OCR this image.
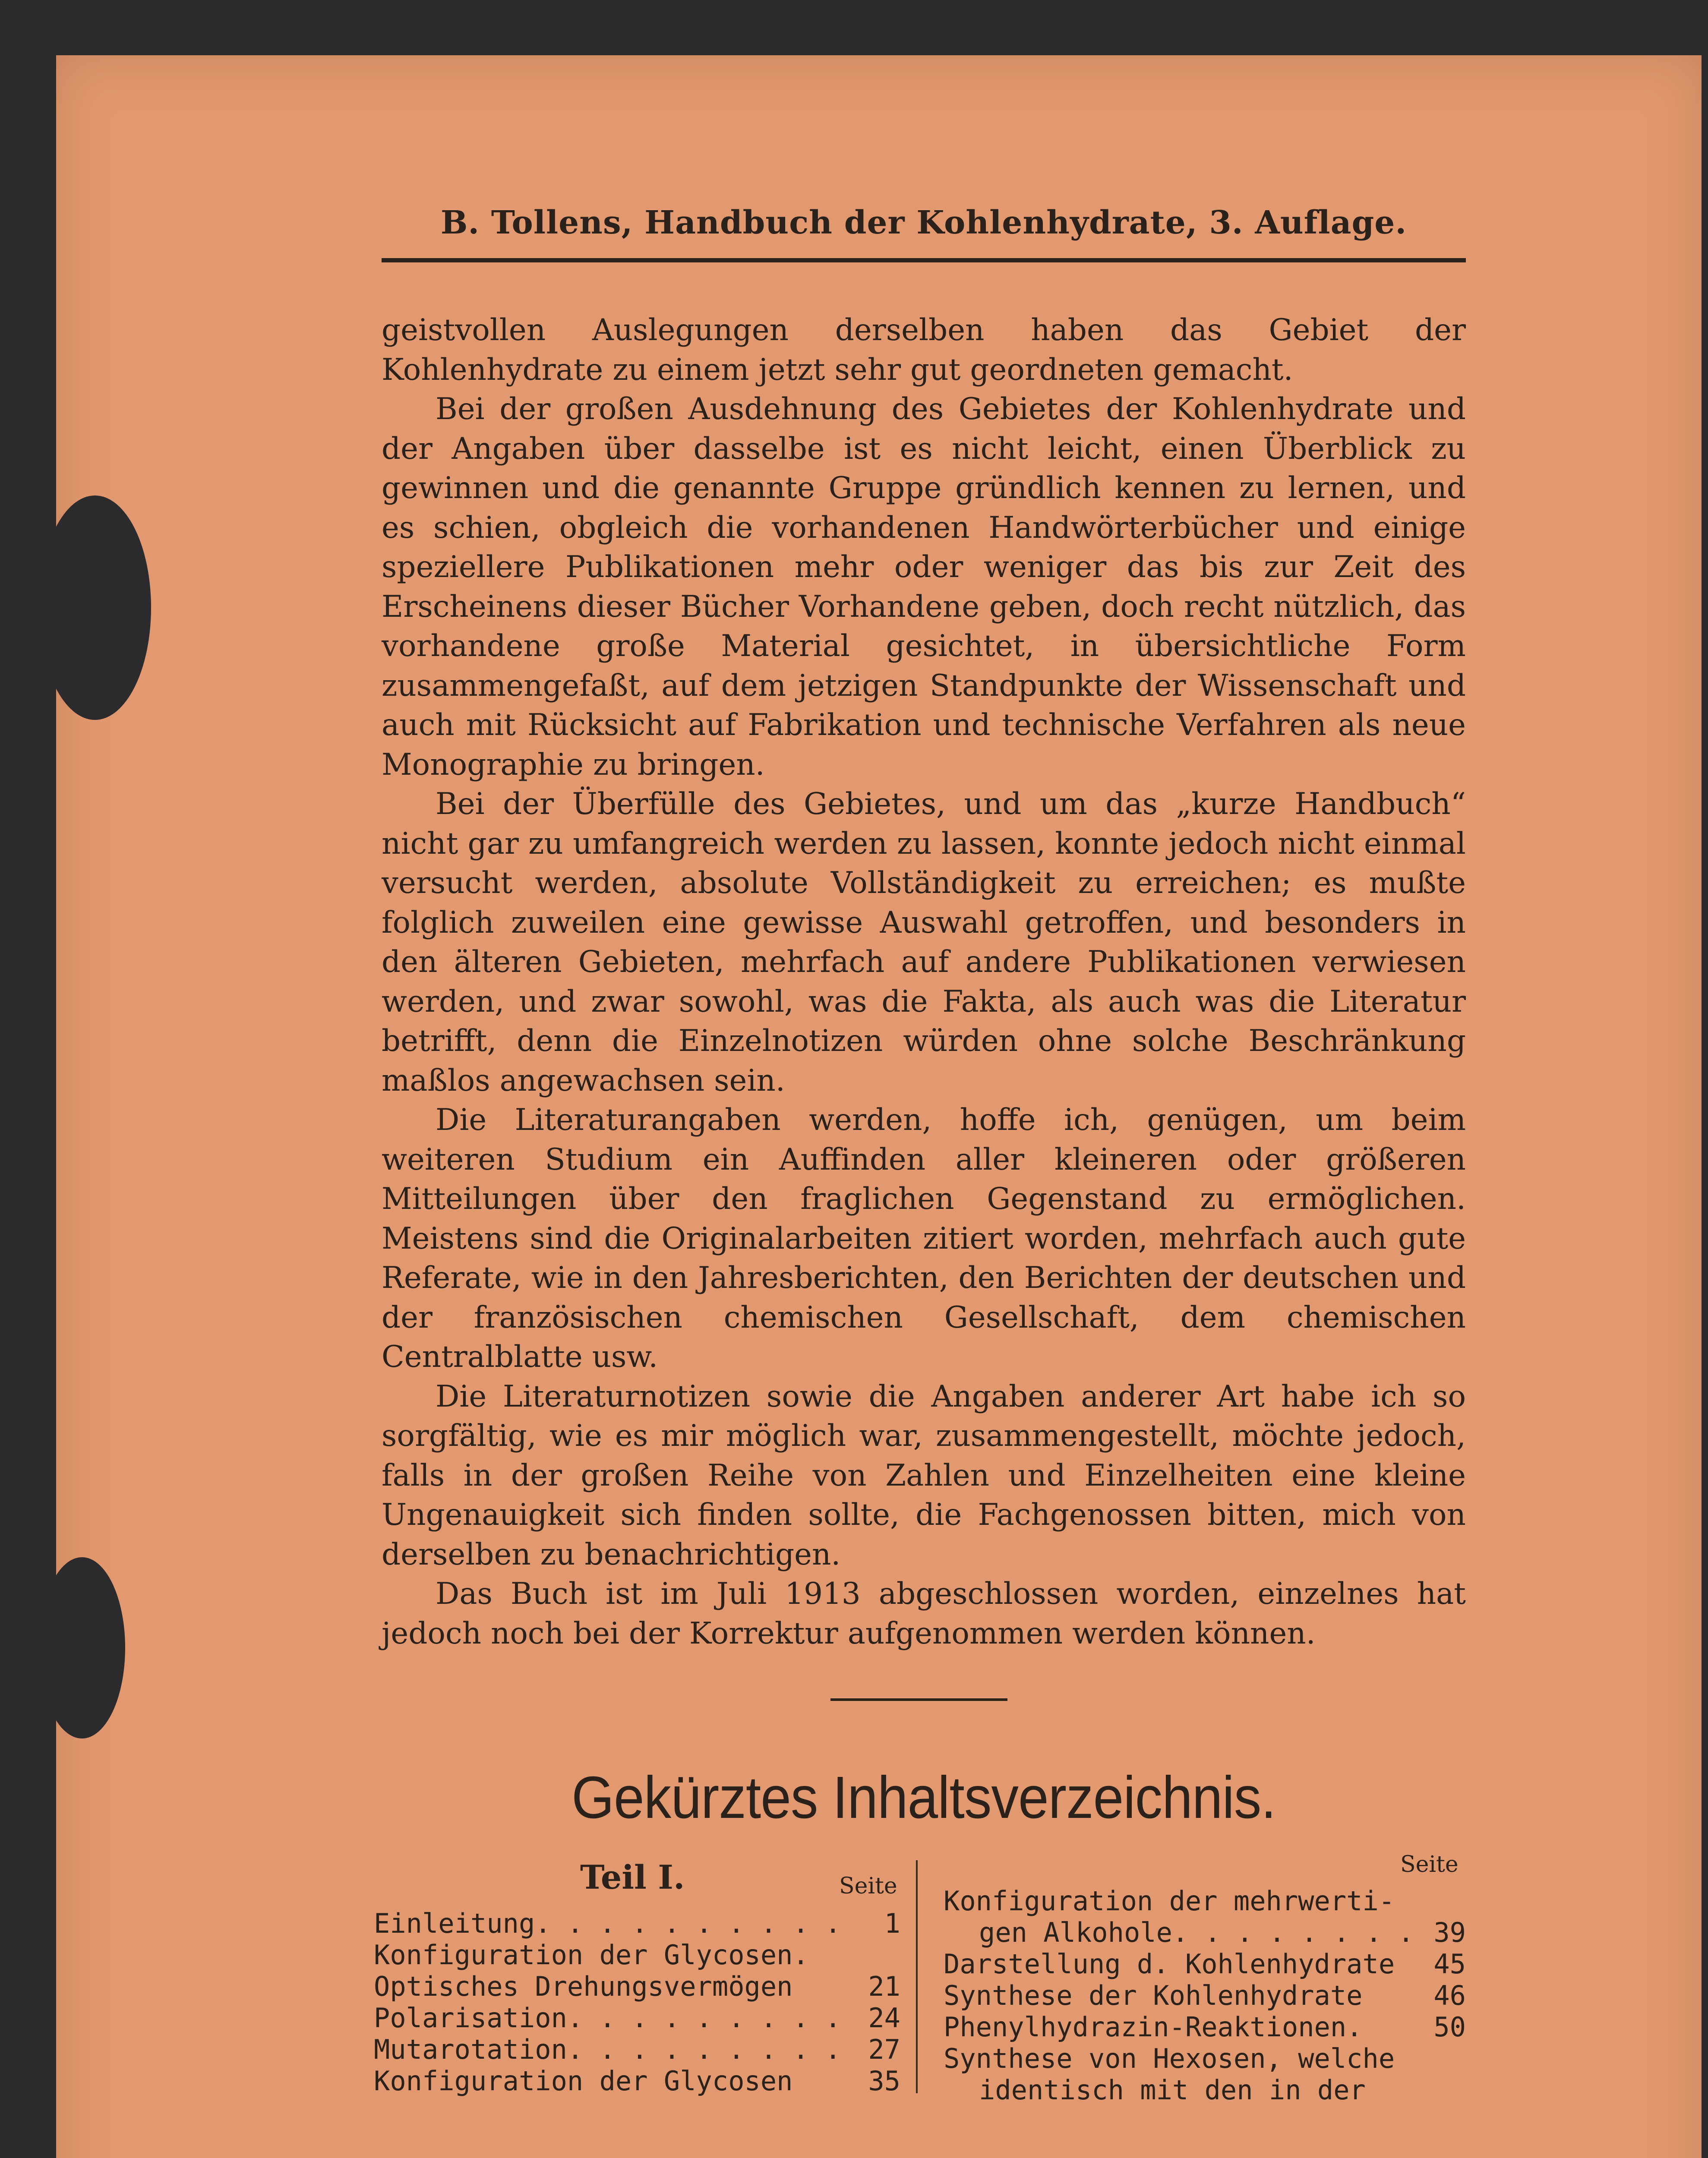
B. Tollens, Handbuch der Kohlenhydrate, 3. Auflage.

geistvollen Auslegungen derselben haben das Gebiet der Kohlenhydrate zu einem jetzt sehr gut geordneten gemacht.

Bei der großen Ausdehnung des Gebietes der Kohlenhydrate und der Angaben über dasselbe ist es nicht leicht, einen Überblick zu gewinnen und die genannte Gruppe gründlich kennen zu lernen, und es schien, obgleich die vorhandenen Handwörterbücher und einige speziellere Publikationen mehr oder weniger das bis zur Zeit des Erscheinens dieser Bücher Vorhandene geben, doch recht nützlich, das vorhandene große Material gesichtet, in übersichtliche Form zusammengefaßt, auf dem jetzigen Standpunkte der Wissenschaft und auch mit Rücksicht auf Fabrikation und technische Verfahren als neue Monographie zu bringen.

Bei der Überfülle des Gebietes, und um das „kurze Handbuch“ nicht gar zu umfangreich werden zu lassen, konnte jedoch nicht einmal versucht werden, absolute Vollständigkeit zu erreichen; es mußte folglich zuweilen eine gewisse Auswahl getroffen, und besonders in den älteren Gebieten, mehrfach auf andere Publikationen verwiesen werden, und zwar sowohl, was die Fakta, als auch was die Literatur betrifft, denn die Einzelnotizen würden ohne solche Beschränkung maßlos angewachsen sein.

Die Literaturangaben werden, hoffe ich, genügen, um beim weiteren Studium ein Auffinden aller kleineren oder größeren Mitteilungen über den fraglichen Gegenstand zu ermöglichen. Meistens sind die Originalarbeiten zitiert worden, mehrfach auch gute Referate, wie in den Jahresberichten, den Berichten der deutschen und der französischen chemischen Gesellschaft, dem chemischen Centralblatte usw.

Die Literaturnotizen sowie die Angaben anderer Art habe ich so sorgfältig, wie es mir möglich war, zusammengestellt, möchte jedoch, falls in der großen Reihe von Zahlen und Einzelheiten eine kleine Ungenauigkeit sich finden sollte, die Fachgenossen bitten, mich von derselben zu benachrichtigen.

Das Buch ist im Juli 1913 abgeschlossen worden, einzelnes hat jedoch noch bei der Korrektur aufgenommen werden können.

Gekürztes Inhaltsverzeichnis.
Teil I.	Seite
Seite
Einleitung . . .	1
Konfiguration der Glycosen.
Optisches Drehungsvermögen	21
Polarisation . . .	24
Mutarotation . . .	27
Konfiguration der Glycosen	35
Konfiguration der mehrwerti-
gen Alkohole . . .	39
Darstellung d. Kohlenhydrate	45
Synthese der Kohlenhydrate	46
Phenylhydrazin-Reaktionen.	50
Synthese von Hexosen, welche
identisch mit den in der
